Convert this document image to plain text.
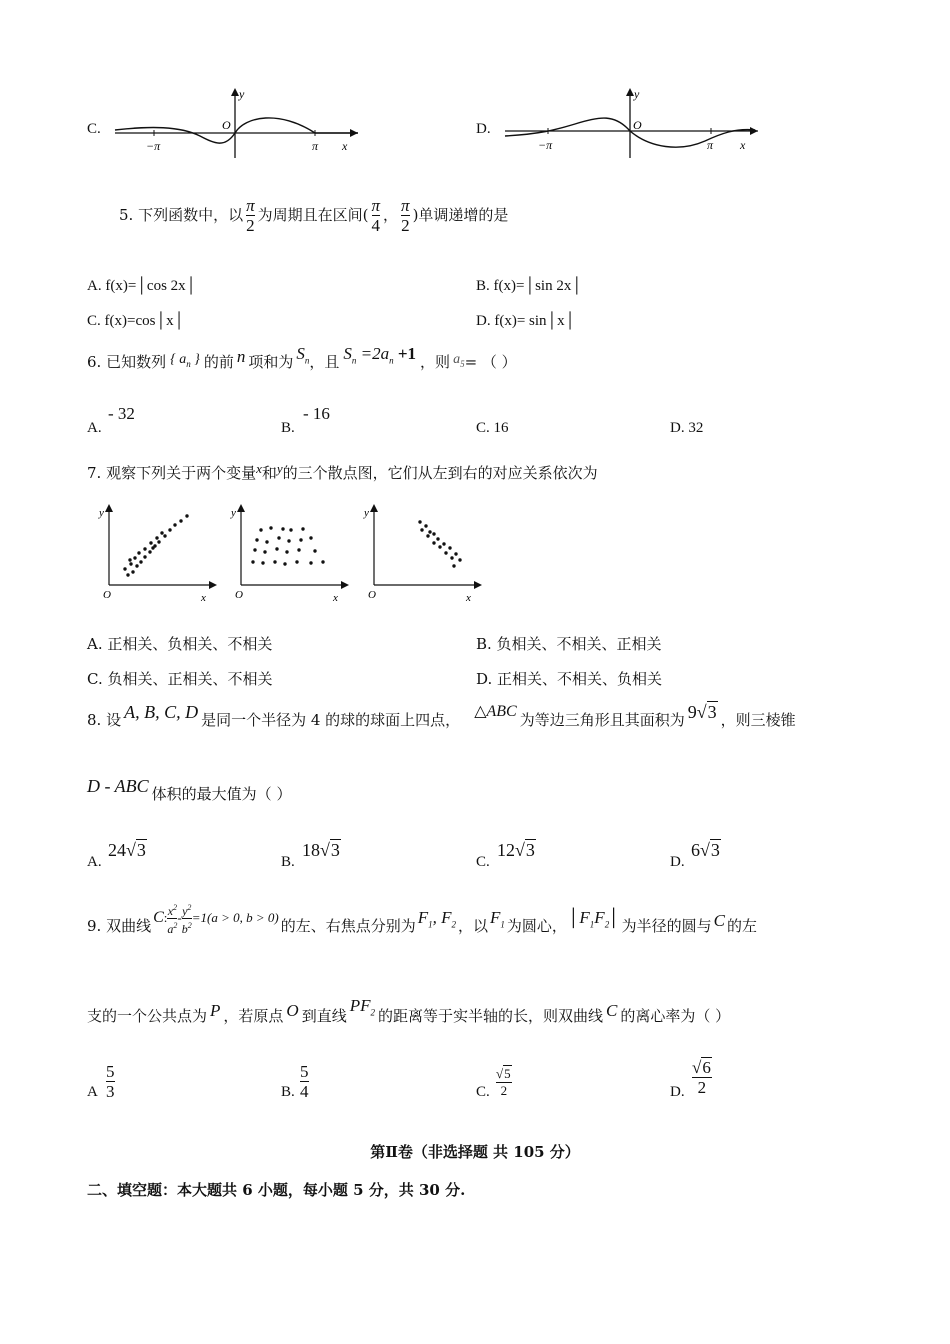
C.
y
O
−π	π x
D.
y
O
−π	π x
5.
下列函数中，以 $\frac{\pi}{2}$ 为周期且在区间( $\frac{\pi}{4}$ ， $\frac{\pi}{2}$ )单调递增的是
A. f(x)=│cos 2x│	B. f(x)=│sin 2x│
C. f(x)=cos│x│	D. f(x)= sin│x│
6.
已知数列 { $a_n$ } 的前 n 项和为 $S_n$ ，且 $S_n =2a_n +1$ ，则 $a_5$ = （ ）
A.
- 32
B.
- 16
C. 16	D. 32
7. 观察下列关于两个变量x和y的三个散点图，它们从左到右的对应关系依次为
y
x
O
y
x
O
y
x
O
A. 正相关、负相关、不相关	B. 负相关、不相关、正相关
C. 负相关、正相关、不相关	D. 正相关、不相关、负相关
8. 设 A, B, C, D 是同一个半径为 4 的球的球面上四点， △ABC 为等边三角形且其面积为 9√3 ，则三棱锥
D - ABC 体积的最大值为（ ）
A.
24√3
B.
18√3
C.
12√3
D.
6√3
9. 双曲线 C : $\frac{x^2}{a^2} - \frac{y^2}{b^2} =1(a > 0$, b > 0) 的左、右焦点分别为 $F_1$, $F_2$ ，以 $F_1$ 为圆心， $│F_1F_2│$ 为半径的圆与 C 的左
支的一个公共点为 P ，若原点 O 到直线
$PF_2$ 的距离等于实半轴的长，则双曲线 C 的离心率为（ ）
A
5
3	B.
5
4	C.
√5
2	D.
√6
2
第Ⅱ卷（非选择题 共 105 分）
二、填空题：本大题共 6 小题，每小题 5 分，共 30 分.
